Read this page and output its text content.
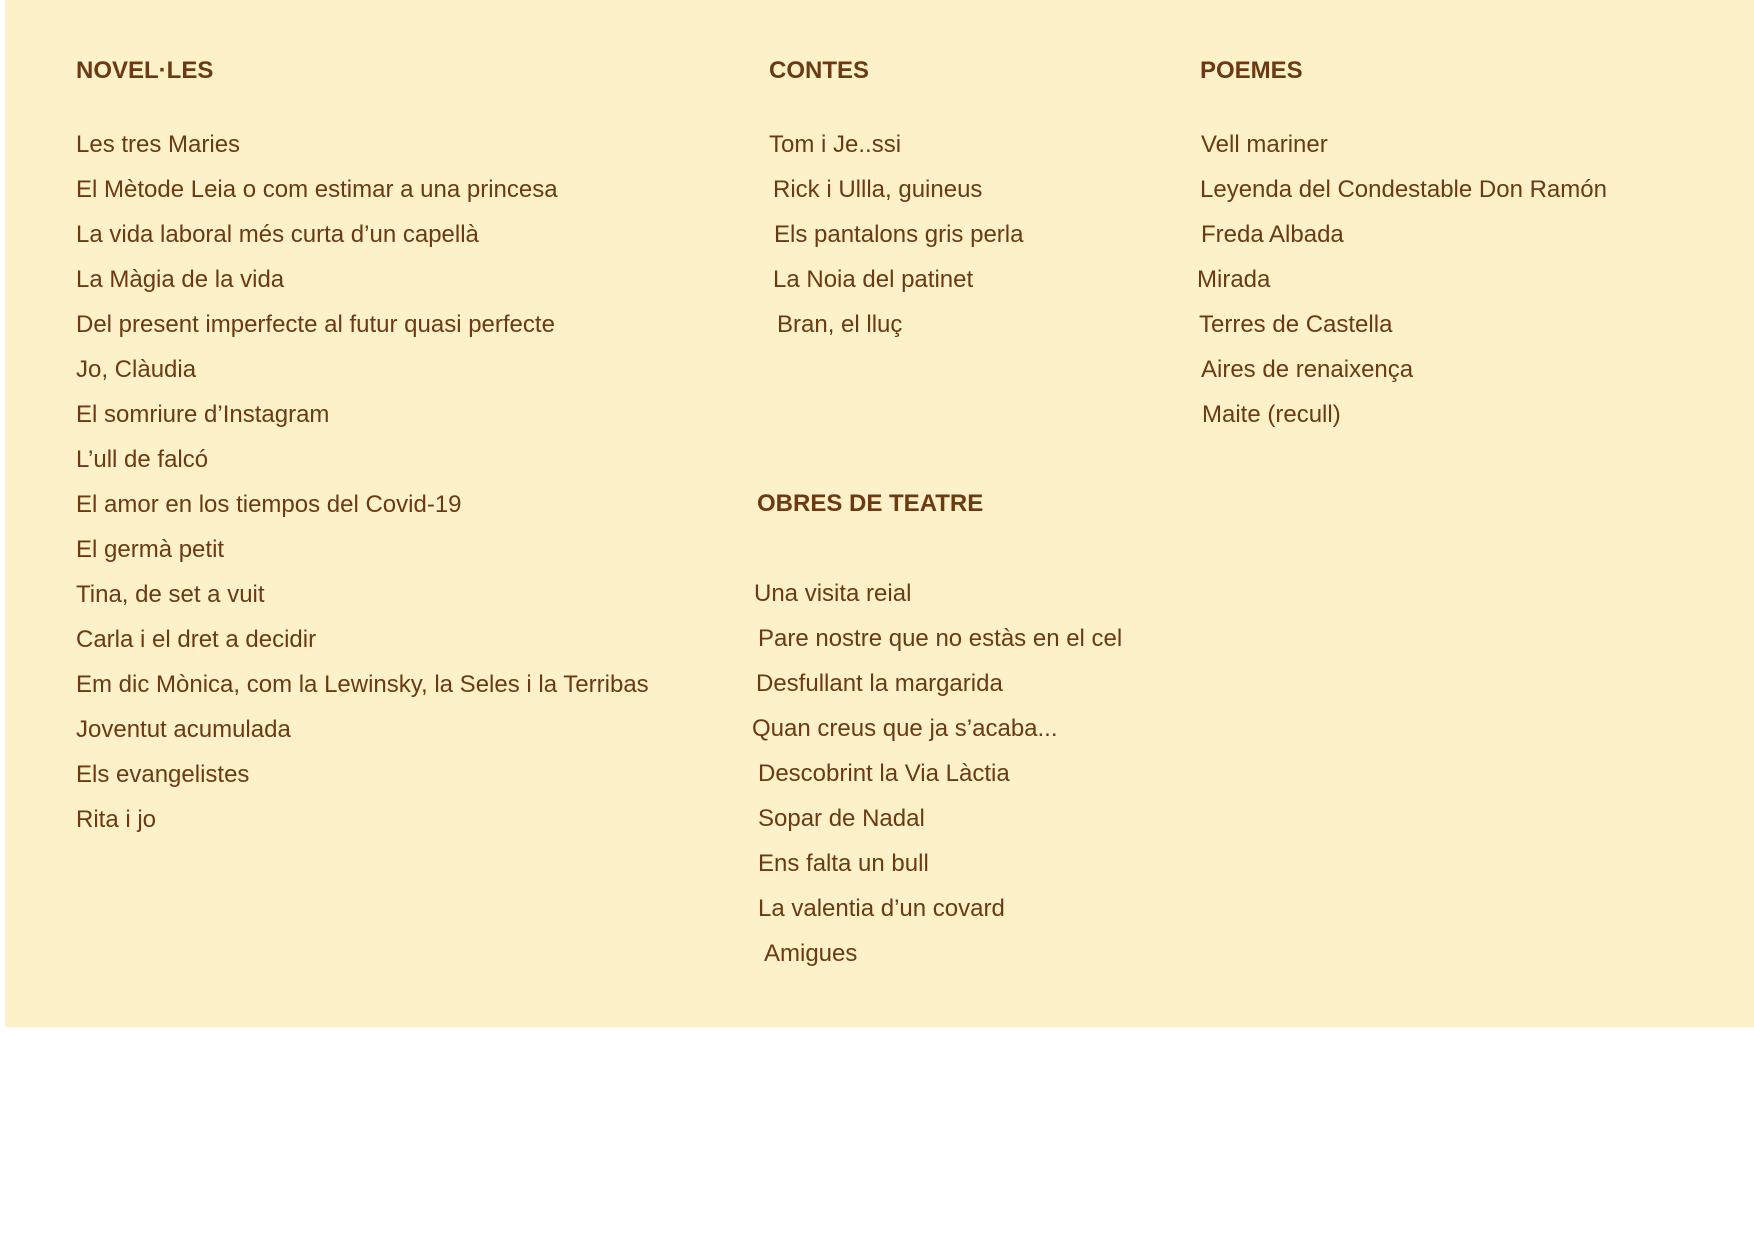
NOVEL·LES
Les tres Maries
El Mètode Leia o com estimar a una princesa
La vida laboral més curta d’un capellà
La Màgia de la vida
Del present imperfecte al futur quasi perfecte
Jo, Clàudia
El somriure d’Instagram
L’ull de falcó
El amor en los tiempos del Covid-19
El germà petit
Tina, de set a vuit
Carla i el dret a decidir
Em dic Mònica, com la Lewinsky, la Seles i la Terribas
Joventut acumulada
Els evangelistes
Rita i jo
CONTES
Tom i Je..ssi
Rick i Ullla, guineus
Els pantalons gris perla
La Noia del patinet
Bran, el lluç
POEMES
Vell mariner
Leyenda del Condestable Don Ramón
Freda Albada
Mirada
Terres de Castella
Aires de renaixença
Maite (recull)
OBRES DE TEATRE
Una visita reial
Pare nostre que no estàs en el cel
Desfullant la margarida
Quan creus que ja s’acaba...
Descobrint la Via Làctia
Sopar de Nadal
Ens falta un bull
La valentia d’un covard
Amigues
